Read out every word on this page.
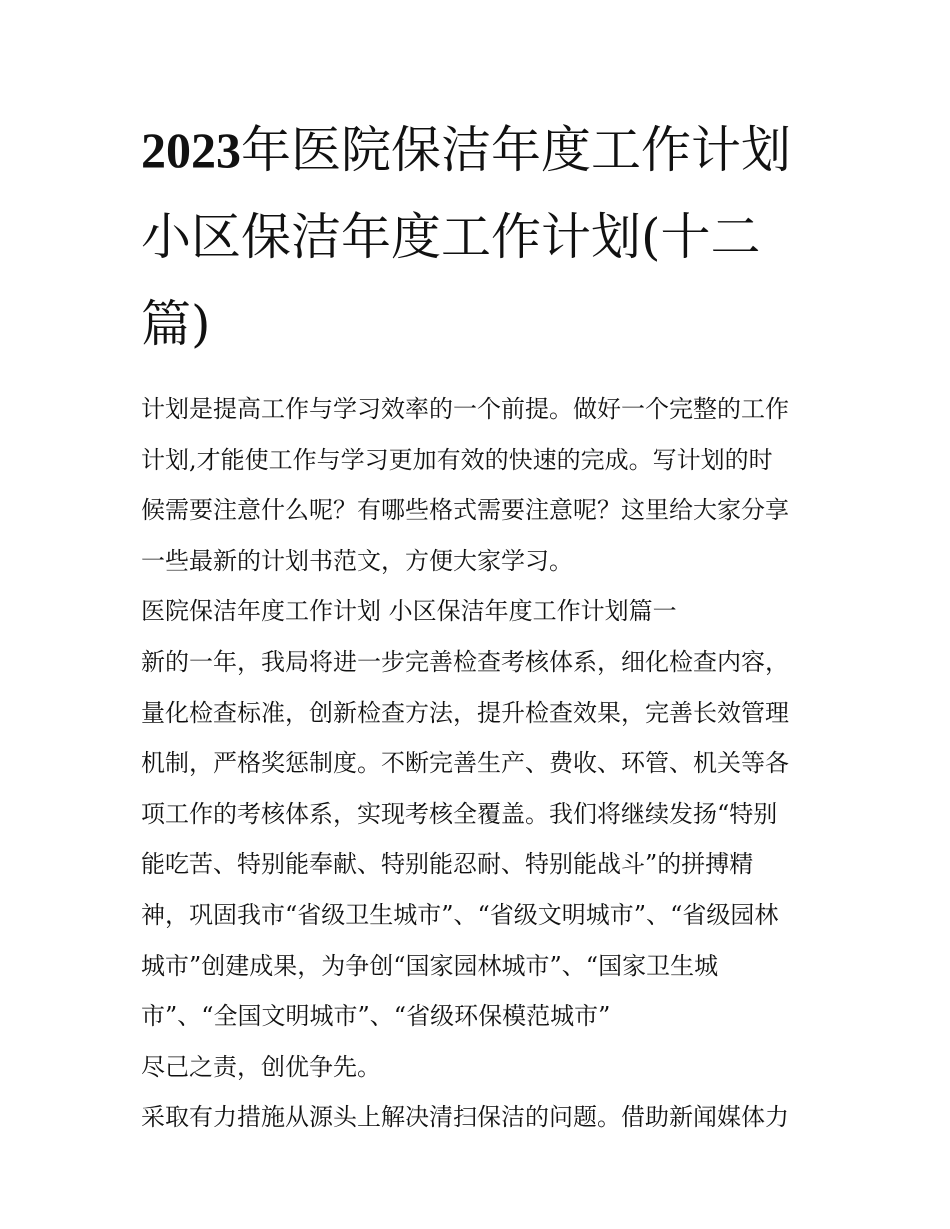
2023年医院保洁年度工作计划
小区保洁年度工作计划(十二
篇)
计划是提高工作与学习效率的一个前提。做好一个完整的工作
计划,才能使工作与学习更加有效的快速的完成。写计划的时
候需要注意什么呢？有哪些格式需要注意呢？这里给大家分享
一些最新的计划书范文，方便大家学习。
医院保洁年度工作计划 小区保洁年度工作计划篇一
新的一年，我局将进一步完善检查考核体系，细化检查内容，
量化检查标准，创新检查方法，提升检查效果，完善长效管理
机制，严格奖惩制度。不断完善生产、费收、环管、机关等各
项工作的考核体系，实现考核全覆盖。我们将继续发扬“特别
能吃苦、特别能奉献、特别能忍耐、特别能战斗”的拼搏精
神，巩固我市“省级卫生城市”、“省级文明城市”、“省级园林
城市”创建成果，为争创“国家园林城市”、“国家卫生城
市”、“全国文明城市”、“省级环保模范城市”
尽己之责，创优争先。
采取有力措施从源头上解决清扫保洁的问题。借助新闻媒体力
